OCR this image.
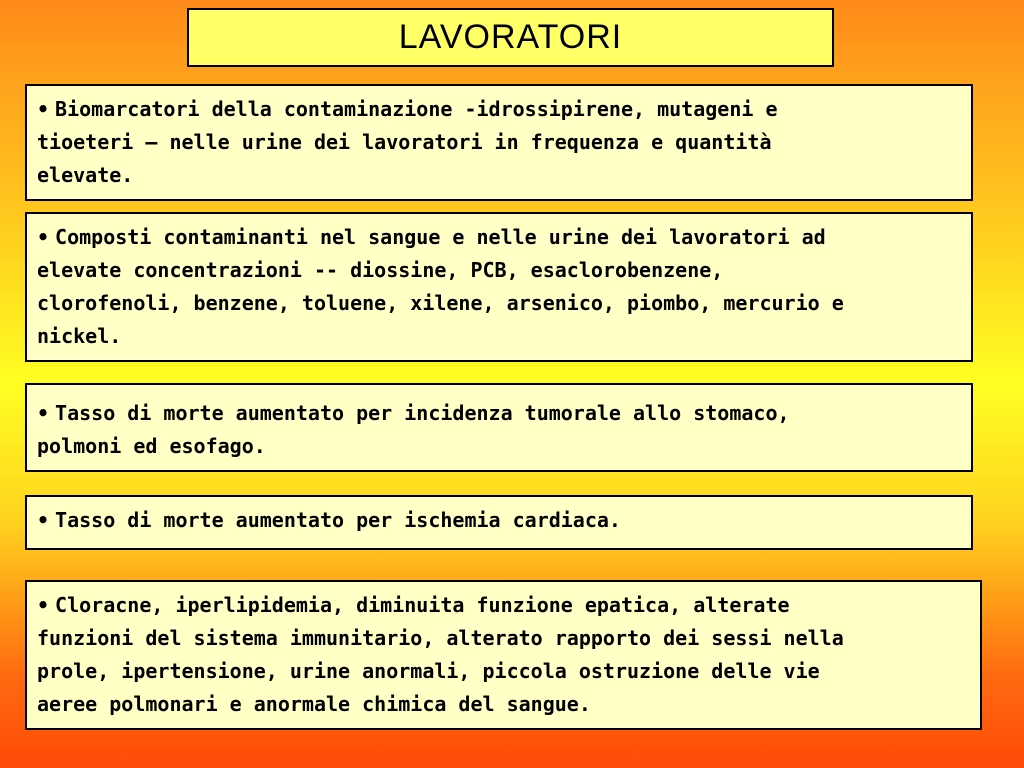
LAVORATORI
• Biomarcatori della contaminazione -idrossipirene, mutageni e
tioeteri – nelle urine dei lavoratori in frequenza e quantità
elevate.
• Composti contaminanti nel sangue e nelle urine dei lavoratori ad
elevate concentrazioni -- diossine, PCB, esaclorobenzene,
clorofenoli, benzene, toluene, xilene, arsenico, piombo, mercurio e
nickel.
• Tasso di morte aumentato per incidenza tumorale allo stomaco,
polmoni ed esofago.
• Tasso di morte aumentato per ischemia cardiaca.
• Cloracne, iperlipidemia, diminuita funzione epatica, alterate
funzioni del sistema immunitario, alterato rapporto dei sessi nella
prole, ipertensione, urine anormali, piccola ostruzione delle vie
aeree polmonari e anormale chimica del sangue.
